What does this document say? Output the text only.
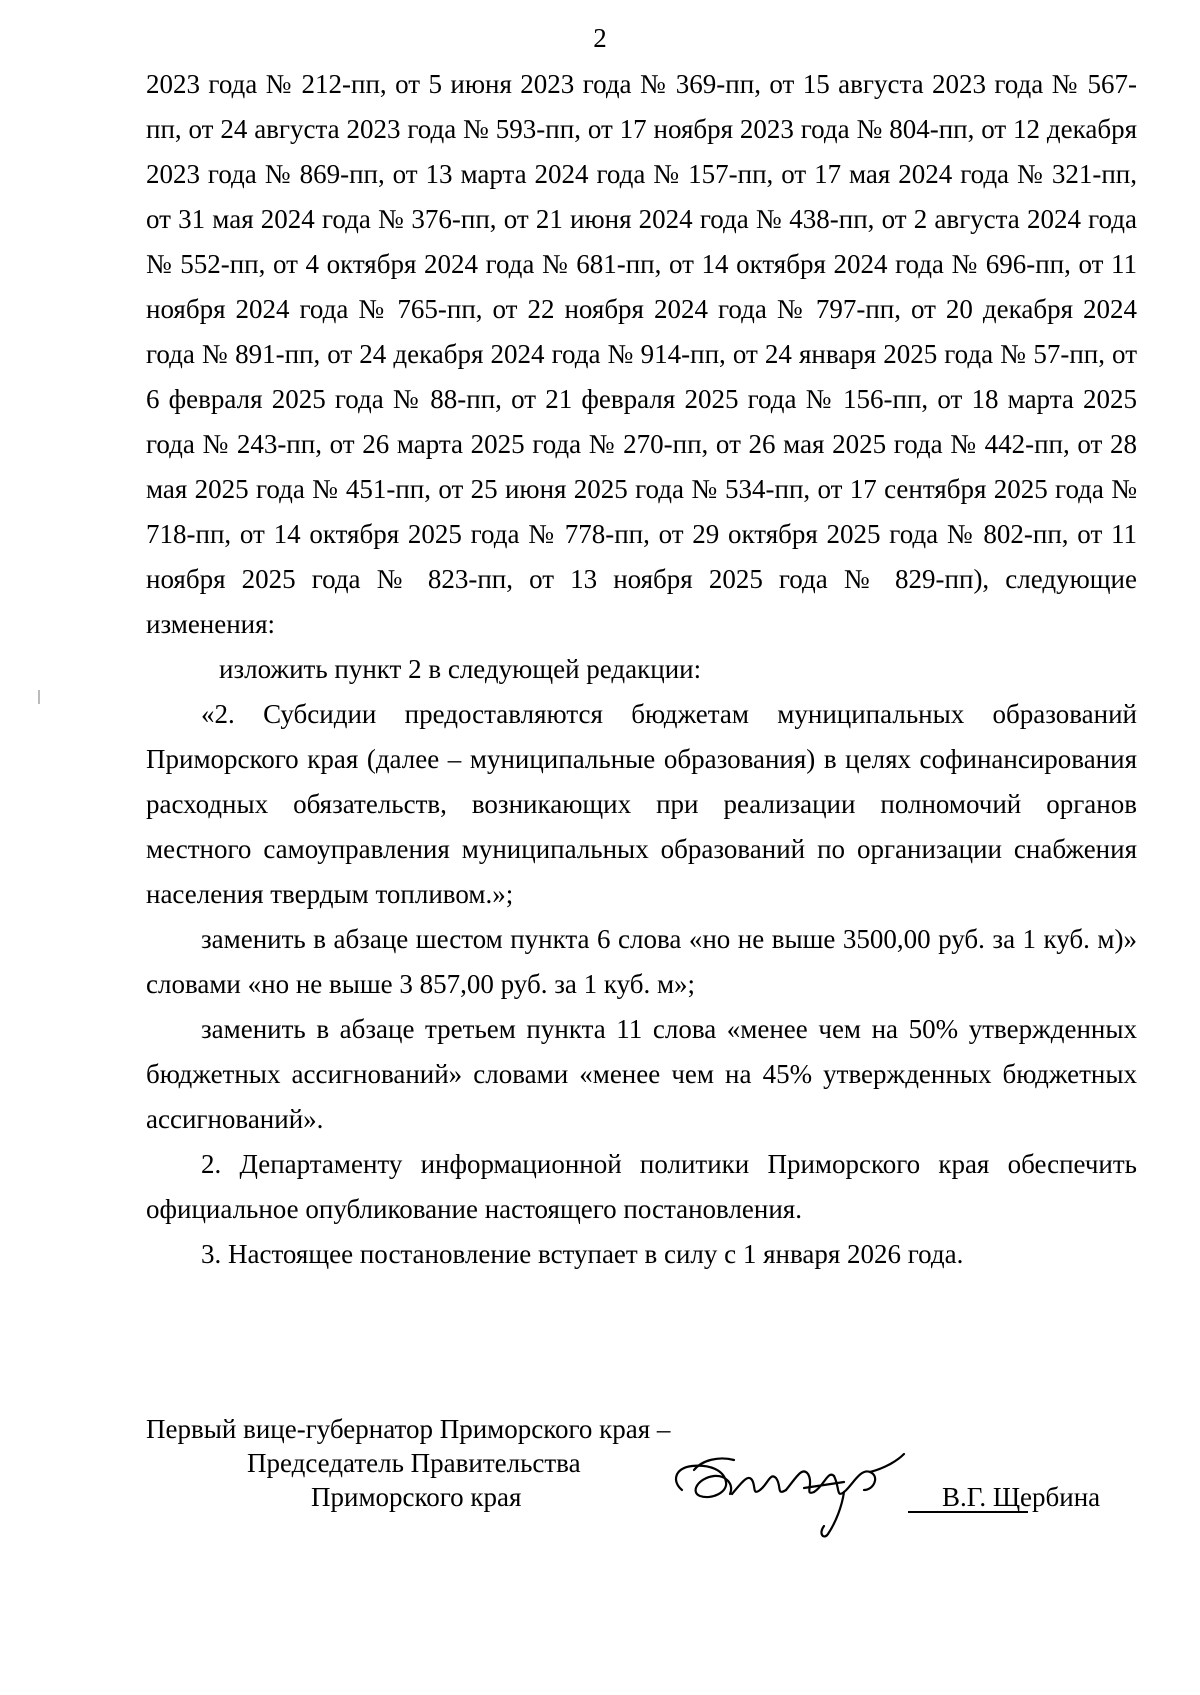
2

2023 года № 212-пп, от 5 июня 2023 года № 369-пп, от 15 августа 2023 года № 567-пп, от 24 августа 2023 года № 593-пп, от 17 ноября 2023 года № 804-пп, от 12 декабря 2023 года № 869-пп, от 13 марта 2024 года № 157-пп, от 17 мая 2024 года № 321-пп, от 31 мая 2024 года № 376-пп, от 21 июня 2024 года № 438-пп, от 2 августа 2024 года № 552-пп, от 4 октября 2024 года № 681-пп, от 14 октября 2024 года № 696-пп, от 11 ноября 2024 года № 765-пп, от 22 ноября 2024 года № 797-пп, от 20 декабря 2024 года № 891-пп, от 24 декабря 2024 года № 914-пп, от 24 января 2025 года № 57-пп, от 6 февраля 2025 года № 88-пп, от 21 февраля 2025 года № 156-пп, от 18 марта 2025 года № 243-пп, от 26 марта 2025 года № 270-пп, от 26 мая 2025 года № 442-пп, от 28 мая 2025 года № 451-пп, от 25 июня 2025 года № 534-пп, от 17 сентября 2025 года № 718-пп, от 14 октября 2025 года № 778-пп, от 29 октября 2025 года № 802-пп, от 11 ноября 2025 года № 823-пп, от 13 ноября 2025 года № 829-пп), следующие изменения:

изложить пункт 2 в следующей редакции:

«2. Субсидии предоставляются бюджетам муниципальных образований Приморского края (далее – муниципальные образования) в целях софинансирования расходных обязательств, возникающих при реализации полномочий органов местного самоуправления муниципальных образований по организации снабжения населения твердым топливом.»;

заменить в абзаце шестом пункта 6 слова «но не выше 3500,00 руб. за 1 куб. м)» словами «но не выше 3 857,00 руб. за 1 куб. м»;

заменить в абзаце третьем пункта 11 слова «менее чем на 50% утвержденных бюджетных ассигнований» словами «менее чем на 45% утвержденных бюджетных ассигнований».

2. Департаменту информационной политики Приморского края обеспечить официальное опубликование настоящего постановления.

3. Настоящее постановление вступает в силу с 1 января 2026 года.

Первый вице-губернатор Приморского края –
Председатель Правительства
Приморского края	В.Г. Щербина
